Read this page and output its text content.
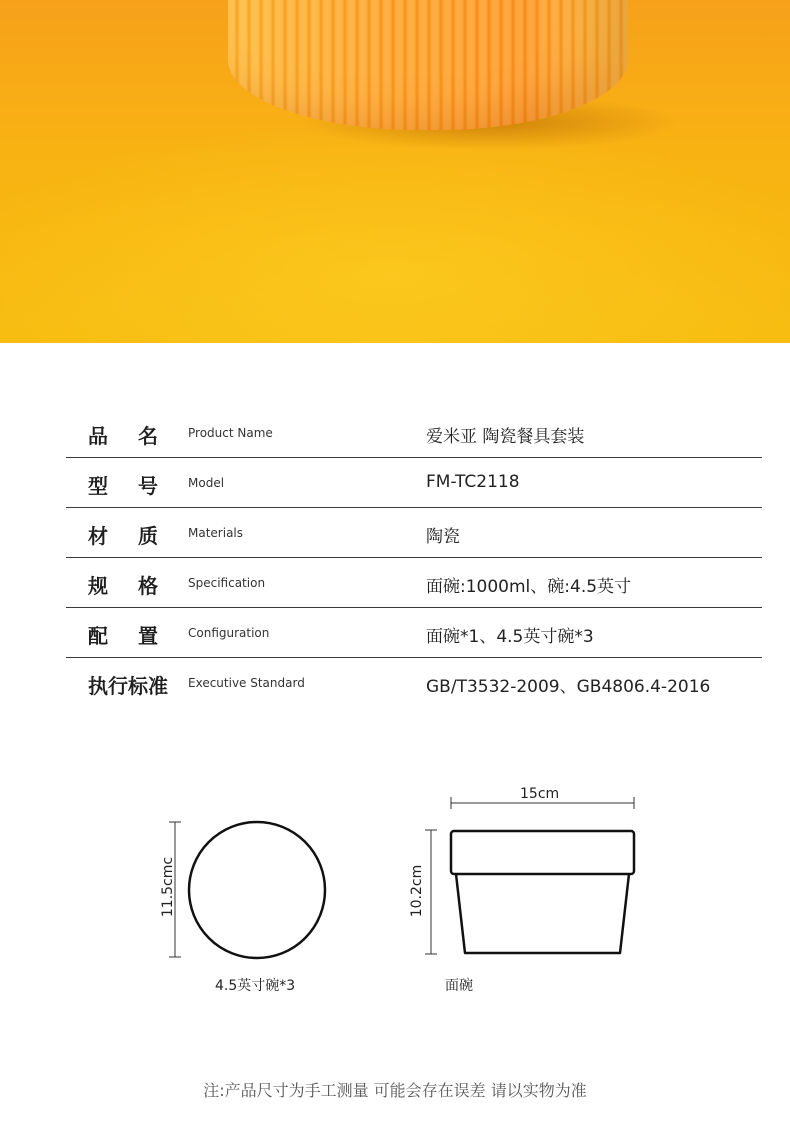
品 名	Product Name	爱米亚 陶瓷餐具套装
型 号	Model	FM-TC2118
材 质	Materials	陶瓷
规 格	Specification	面碗:1000ml、碗:4.5英寸
配 置	Configuration	面碗*1、4.5英寸碗*3
执行标准	Executive Standard	GB/T3532-2009、GB4806.4-2016
11.5cmc
4.5英寸碗*3
15cm
10.2cm
面碗
注:产品尺寸为手工测量 可能会存在误差 请以实物为准
